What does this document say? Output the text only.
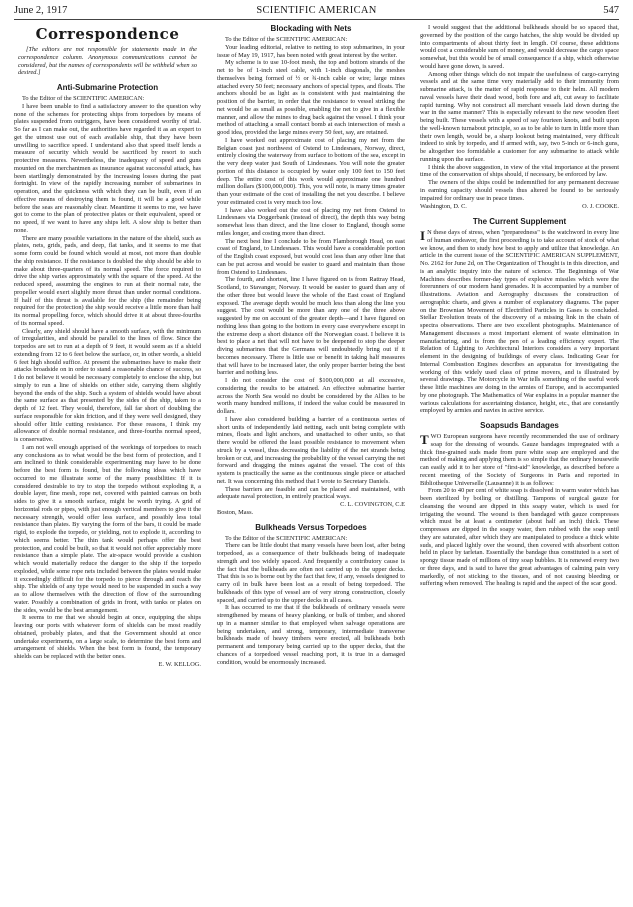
June 2, 1917	SCIENTIFIC AMERICAN	547
Correspondence

[The editors are not responsible for statements made in the correspondence column. Anonymous communications cannot be considered, but the names of correspondents will be withheld when so desired.]

Anti-Submarine Protection

To the Editor of the SCIENTIFIC AMERICAN:

I have been unable to find a satisfactory answer to the question why none of the schemes for protecting ships from torpedoes by means of plates suspended from outriggers, have been considered worthy of trial. So far as I can make out, the authorities have regarded it as an expert to get the utmost use out of each available ship, that they have been unwilling to sacrifice speed. I understand also that speed itself lends a measure of security which would be sacrificed by resort to such protective measures. Nevertheless, the inadequacy of speed and guns mounted on the merchantmen as insurance against successful attack, has been startlingly demonstrated by the increasing losses during the past fortnight. In view of the rapidly increasing number of submarines in operation, and the quickness with which they can be built, even if an effective means of destroying them is found, it will be a good while before the seas are reasonably clear. Meantime it seems to me, we have got to come to the plan of protective plates or their equivalent, speed or no speed, if we want to have any ships left. A slow ship is better than none.

There are many possible variations in the nature of the shield, such as plates, nets, grids, pads, and deep, flat tanks, and it seems to me that some form could be found which would at most, not more than double the ship resistance. If the resistance is doubled the ship should be able to make about three-quarters of its normal speed. The force required to drive the ship varies approximately with the square of the speed. At the reduced speed, assuming the engines to run at their normal rate, the propeller would exert slightly more thrust than under normal conditions. If half of this thrust is available for the ship (the remainder being required for the protection) the ship would receive a little more than half its normal propelling force, which should drive it at about three-fourths of its normal speed.

Clearly, any shield should have a smooth surface, with the minimum of irregularities, and should be parallel to the lines of flow. Since the torpedos are set to run at a depth of 9 feet, it would seem as if a shield extending from 12 to 6 feet below the surface, or, in other words, a shield 6 feet high should suffice. At present the submarines have to make their attacks broadside on in order to stand a reasonable chance of success, so I do not believe it would be necessary completely to enclose the ship, but simply to run a line of shields on either side, carrying them slightly beyond the ends of the ship. Such a system of shields would have about the same surface as that presented by the sides of the ship, taken to a depth of 12 feet. They would, therefore, fall far short of doubling the surface responsible for skin friction, and if they were well designed, they should offer little cutting resistance. For these reasons, I think my allowance of double normal resistance, and three-fourths normal speed, is conservative.

I am not well enough apprised of the workings of torpedoes to reach any conclusions as to what would be the best form of protection, and I am inclined to think considerable experimenting may have to be done before the best form is found, but the following ideas which have occurred to me illustrate some of the many possibilities: If it is considered desirable to try to stop the torpedo without exploding it, a double layer, fine mesh, rope net, covered with painted canvas on both sides to give it a smooth surface, might be worth trying. A grid of horizontal rods or pipes, with just enough vertical members to give it the necessary strength, would offer less surface, and possibly less total resistance than plates. By varying the form of the bars, it could be made rigid, to explode the torpedo, or yielding, not to explode it, according to which seems better. The thin tank would perhaps offer the best protection, and could be built, so that it would not offer appreciably more resistance than a simple plate. The air-space would provide a cushion which would materially reduce the danger to the ship if the torpedo exploded, while some rope nets included between the plates would make it exceedingly difficult for the torpedo to pierce through and reach the ship. The shields of any type would need to be suspended in such a way as to allow themselves with the direction of flow of the surrounding water. Possibly a combination of grids in front, with tanks or plates on the sides, would be the best arrangement.

It seems to me that we should begin at once, equipping the ships leaving our ports with whatever form of shields can be most readily obtained, probably plates, and that the Government should at once undertake experiments, on a large scale, to determine the best form and arrangement of shields. When the best form is found, the temporary shields can be replaced with the better ones.

E. W. KELLOG.

Blockading with Nets

To the Editor of the SCIENTIFIC AMERICAN:

Your leading editorial, relative to netting to stop submarines, in your issue of May 19, 1917, has been noted with great interest by the writer.

My scheme is to use 10-foot mesh, the top and bottom strands of the net to be of 1-inch steel cable, with 1-inch diagonals, the meshes themselves being formed of ½ or ¾-inch cable or wire; large mines attached every 50 feet; necessary anchors of special types, and floats. The anchors should be as light as is consistent with just maintaining the position of the barrier, in order that the resistance to vessel striking the net would be as small as possible, enabling the net to give in a flexible manner, and allow the mines to drag back against the vessel. I think your method of attaching a small contact bomb at each intersection of mesh a good idea, provided the large mines every 50 feet, say, are retained.

I have worked out approximate cost of placing my net from the Belgian coast just northwest of Ostend to Lindesnaes, Norway, direct, entirely closing the waterway from surface to bottom of the sea, except in the very deep water just South of Lindesnaes. You will note the greater portion of this distance is occupied by water only 100 feet to 150 feet deep. The entire cost of this work would approximate one hundred million dollars ($100,000,000). This, you will note, is many times greater than your estimate of the cost of installing the net you describe. I believe your estimated cost is very much too low.

I have also worked out the cost of placing my net from Ostend to Lindesnaes via Doggerbank (instead of direct), the depth this way being somewhat less than direct, and the line closer to England, though some miles longer, and costing more than direct.

The next best line I conclude to be from Flamborough Head, on east coast of England, to Lindesnaes. This would have a considerable portion of the English coast exposed, but would cost less than any other line that can be put across and would be easier to guard and maintain than those from Ostend to Lindesnaes.

The fourth, and shortest, line I have figured on is from Rattray Head, Scotland, to Stavanger, Norway. It would be easier to guard than any of the other three but would leave the whole of the East coast of England exposed. The average depth would be much less than along the line you suggest. The cost would be more than any one of the three above suggested by me on account of the greater depth—and I have figured on nothing less than going to the bottom in every case everywhere except in the extreme deep a short distance off the Norwegian coast. I believe it is best to place a net that will not have to be deepened to stop the deeper diving submarines that the Germans will undoubtedly bring out if it becomes necessary. There is little use or benefit in taking half measures that will have to be increased later, the only proper barrier being the best barrier and nothing less.

I do not consider the cost of $100,000,000 at all excessive, considering the results to be attained. An effective submarine barrier across the North Sea would no doubt be considered by the Allies to be worth many hundred millions, if indeed the value could be measured in dollars.

I have also considered building a barrier of a continuous series of short units of independently laid netting, each unit being complete with mines, floats and light anchors, and unattached to other units, so that there would be offered the least possible resistance to movement when struck by a vessel, thus decreasing the liability of the net strands being broken or cut, and increasing the probability of the vessel carrying the net forward and dragging the mines against the vessel. The cost of this system is practically the same as the continuous single piece or attached net. It was concerning this method that I wrote to Secretary Daniels.

These barriers are feasible and can be placed and maintained, with adequate naval protection, in entirely practical ways.

C. L. COVINGTON, C.E

Boston, Mass.

Bulkheads Versus Torpedoes

To the Editor of the SCIENTIFIC AMERICAN:

There can be little doubt that many vessels have been lost, after being torpedoed, as a consequence of their bulkheads being of inadequate strength and too widely spaced. And frequently a contributory cause is the fact that the bulkheads are often not carried up to the upper decks. That this is so is borne out by the fact that few, if any, vessels designed to carry oil in bulk have been lost as a result of being torpedoed. The bulkheads of this type of vessel are of very strong construction, closely spaced, and carried up to the upper decks in all cases.

It has occurred to me that if the bulkheads of ordinary vessels were strengthened by means of heavy planking, or bulk of timber, and shored up in a manner similar to that employed when salvage operations are being undertaken, and strong, temporary, intermediate transverse bulkheads made of heavy timbers were erected, all bulkheads both permanent and temporary being carried up to the upper decks, that the chances of a torpedoed vessel reaching port, it is true in a damaged condition, would be enormously increased.

I would suggest that the additional bulkheads should be so spaced that, governed by the position of the cargo hatches, the ship would be divided up into compartments of about thirty feet in length. Of course, these additions would cost a considerable sum of money, and would decrease the cargo space somewhat, but this would be of small consequence if a ship, which otherwise would have gone down, is saved.

Among other things which do not impair the usefulness of cargo-carrying vessels and at the same time very materially add to their immunity from submarine attack, is the matter of rapid response to their helm. All modern naval vessels have their dead wood, both fore and aft, cut away to facilitate rapid turning. Why not construct all merchant vessels laid down during the war in the same manner? This is especially relevant to the new wooden fleet being built. These vessels with a speed of say fourteen knots, and built upon the well-known turnabout principle, so as to be able to turn in little more than their own length, would be, a sharp lookout being maintained, very difficult indeed to sink by torpedo, and if armed with, say, two 5-inch or 6-inch guns, be altogether too formidable a customer for any submarine to attack while running upon the surface.

I think the above suggestion, in view of the vital importance at the present time of the conservation of ships should, if necessary, be enforced by law.

The owners of the ships could be indemnified for any permanent decrease in earning capacity should vessels thus altered be found to be seriously impaired for ordinary use in peace times.

Washington, D. C.	O. J. COOKE.
The Current Supplement

I N these days of stress, when "preparedness" is the watchword in every line of human endeavor, the first proceeding is to take account of stock of what we know, and then to study how best to apply and utilize that knowledge. An article in the current issue of the SCIENTIFIC AMERICAN SUPPLEMENT, No. 2162 for June 2d, on The Organization of Thought is in this direction, and is an analytic inquiry into the nature of science. The Beginnings of War Machines describes former-day types of explosive missiles which were the forerunners of our modern hand grenades. It is accompanied by a number of illustrations. Aviation and Aerography discusses the construction of aerographic charts, and gives a number of explanatory diagrams. The paper on the Brownian Movement of Electrified Particles in Gases is concluded. Stellar Evolution treats of the discovery of a missing link in the chain of spectra observations. There are two excellent photographs. Maintenance of Management discusses a most important element of waste elimination in manufacturing, and is from the pen of a leading efficiency expert. The Relation of Lighting to Architectural Interiors considers a very important element in the designing of buildings of every class. Indicating Gear for Internal Combustion Engines describes an apparatus for investigating the working of this widely used class of prime movers, and is illustrated by several drawings. The Motorcycle in War tells something of the useful work these little machines are doing in the armies of Europe, and is accompanied by one photograph. The Mathematics of War explains in a popular manner the various calculations for ascertaining distance, height, etc., that are constantly employed by armies and navies in active service.

Soapsuds Bandages

TWO European surgeons have recently recommended the use of ordinary soap for the dressing of wounds. Gauze bandages impregnated with a thick fine-grained suds made from pure white soap are employed and the method of making and applying them is so simple that the ordinary housewife can easily add it to her store of "first-aid" knowledge, as described before a recent meeting of the Society of Surgeons in Paris and reported in Bibliotheque Universelle (Lausanne) it is as follows:

From 20 to 40 per cent of white soap is dissolved in warm water which has been sterilized by boiling or distilling. Tampons of surgical gauze for cleansing the wound are dipped in this soapy water, which is used for irrigating the wound. The wound is then bandaged with gauze compresses which must be at least a centimeter (about half an inch) thick. These compresses are dipped in the soapy water, then rubbed with the soap until they are saturated, after which they are manipulated to produce a thick white suds, and placed lightly over the wound, then covered with absorbent cotton held in place by tarletan. Essentially the bandage thus constituted is a sort of spongy tissue made of millions of tiny soap bubbles. It is renewed every two or three days, and is said to have the great advantages of calming pain very markedly, of not sticking to the tissues, and of not causing bleeding or suffering when removed. The healing is rapid and the aspect of the scar good.
